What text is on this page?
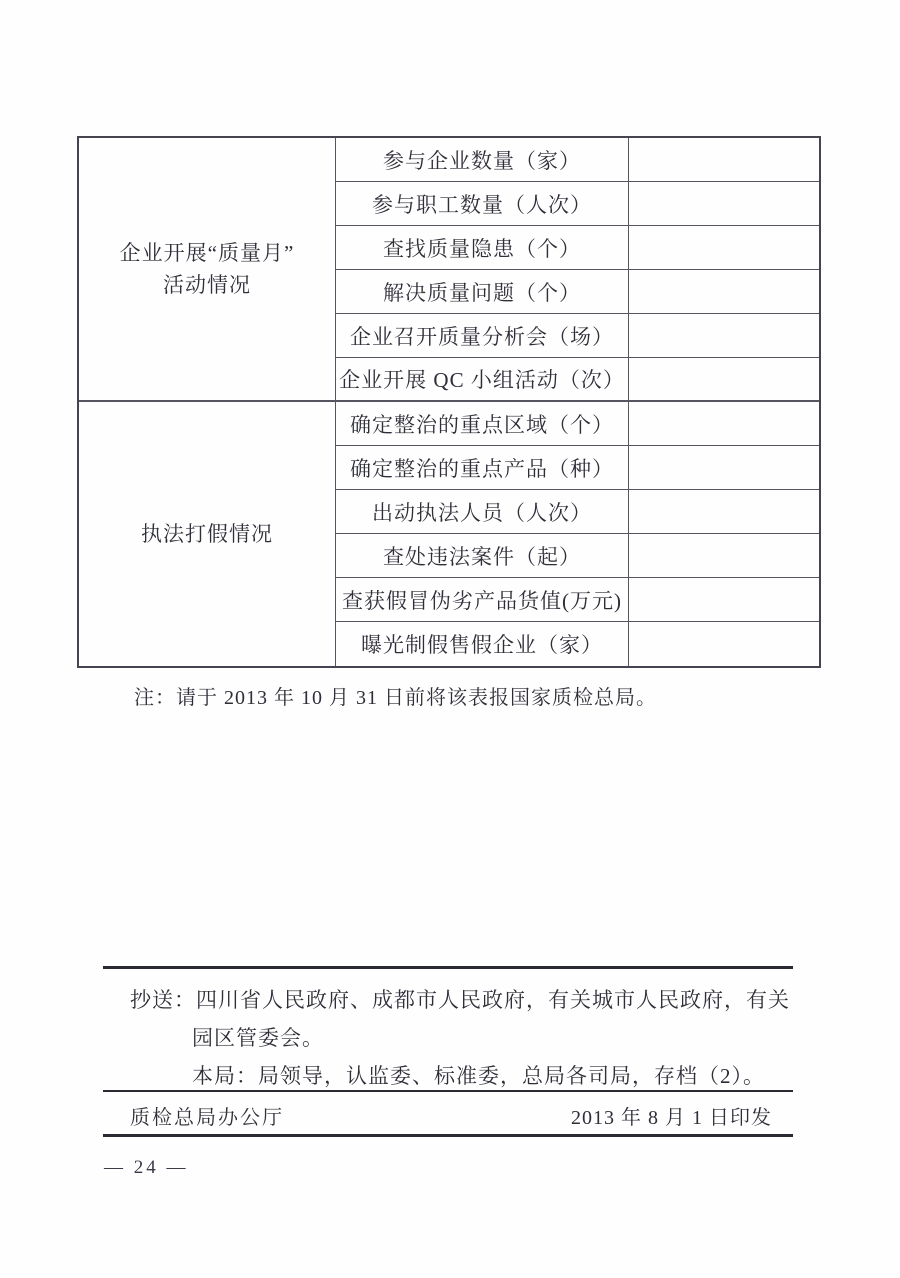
企业开展“质量月”
活动情况
参与企业数量（家）
参与职工数量（人次）
查找质量隐患（个）
解决质量问题（个）
企业召开质量分析会（场）
企业开展 QC 小组活动（次）
执法打假情况
确定整治的重点区域（个）
确定整治的重点产品（种）
出动执法人员（人次）
查处违法案件（起）
查获假冒伪劣产品货值(万元)
曝光制假售假企业（家）
注：请于 2013 年 10 月 31 日前将该表报国家质检总局。
抄送：四川省人民政府、成都市人民政府，有关城市人民政府，有关
园区管委会。
本局：局领导，认监委、标准委，总局各司局，存档（2）。
质检总局办公厅	2013 年 8 月 1 日印发
— 24 —
